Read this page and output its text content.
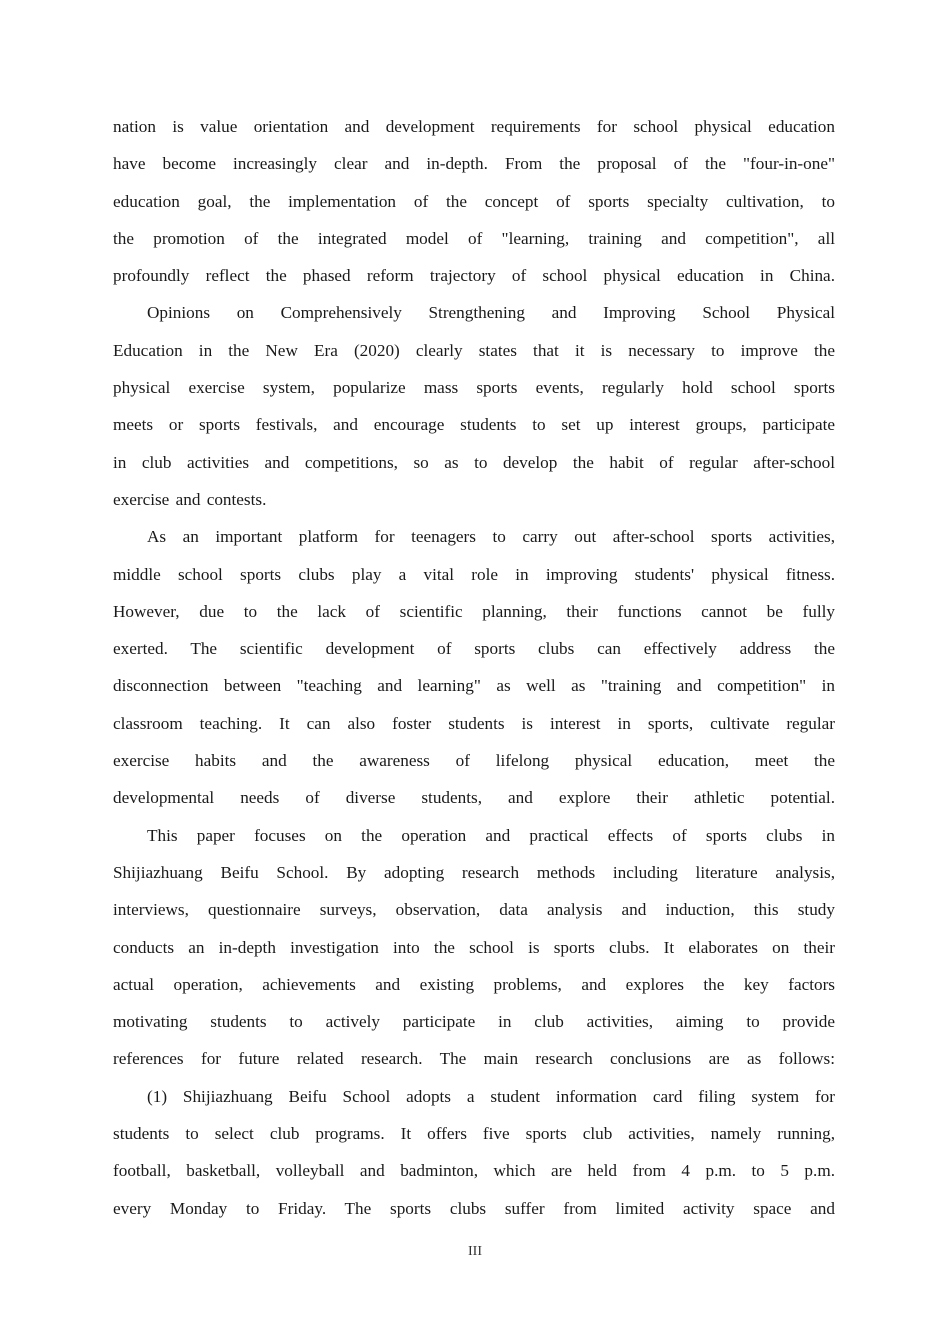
nation is value orientation and development requirements for school physical education
have become increasingly clear and in-depth. From the proposal of the "four-in-one"
education goal, the implementation of the concept of sports specialty cultivation, to
the promotion of the integrated model of "learning, training and competition", all
profoundly reflect the phased reform trajectory of school physical education in China.
Opinions on Comprehensively Strengthening and Improving School Physical
Education in the New Era (2020) clearly states that it is necessary to improve the
physical exercise system, popularize mass sports events, regularly hold school sports
meets or sports festivals, and encourage students to set up interest groups, participate
in club activities and competitions, so as to develop the habit of regular after-school
exercise and contests.
As an important platform for teenagers to carry out after-school sports activities,
middle school sports clubs play a vital role in improving students' physical fitness.
However, due to the lack of scientific planning, their functions cannot be fully
exerted. The scientific development of sports clubs can effectively address the
disconnection between "teaching and learning" as well as "training and competition" in
classroom teaching. It can also foster students is interest in sports, cultivate regular
exercise habits and the awareness of lifelong physical education, meet the
developmental needs of diverse students, and explore their athletic potential.
This paper focuses on the operation and practical effects of sports clubs in
Shijiazhuang Beifu School. By adopting research methods including literature analysis,
interviews, questionnaire surveys, observation, data analysis and induction, this study
conducts an in-depth investigation into the school is sports clubs. It elaborates on their
actual operation, achievements and existing problems, and explores the key factors
motivating students to actively participate in club activities, aiming to provide
references for future related research. The main research conclusions are as follows:
(1) Shijiazhuang Beifu School adopts a student information card filing system for
students to select club programs. It offers five sports club activities, namely running,
football, basketball, volleyball and badminton, which are held from 4 p.m. to 5 p.m.
every Monday to Friday. The sports clubs suffer from limited activity space and
III
